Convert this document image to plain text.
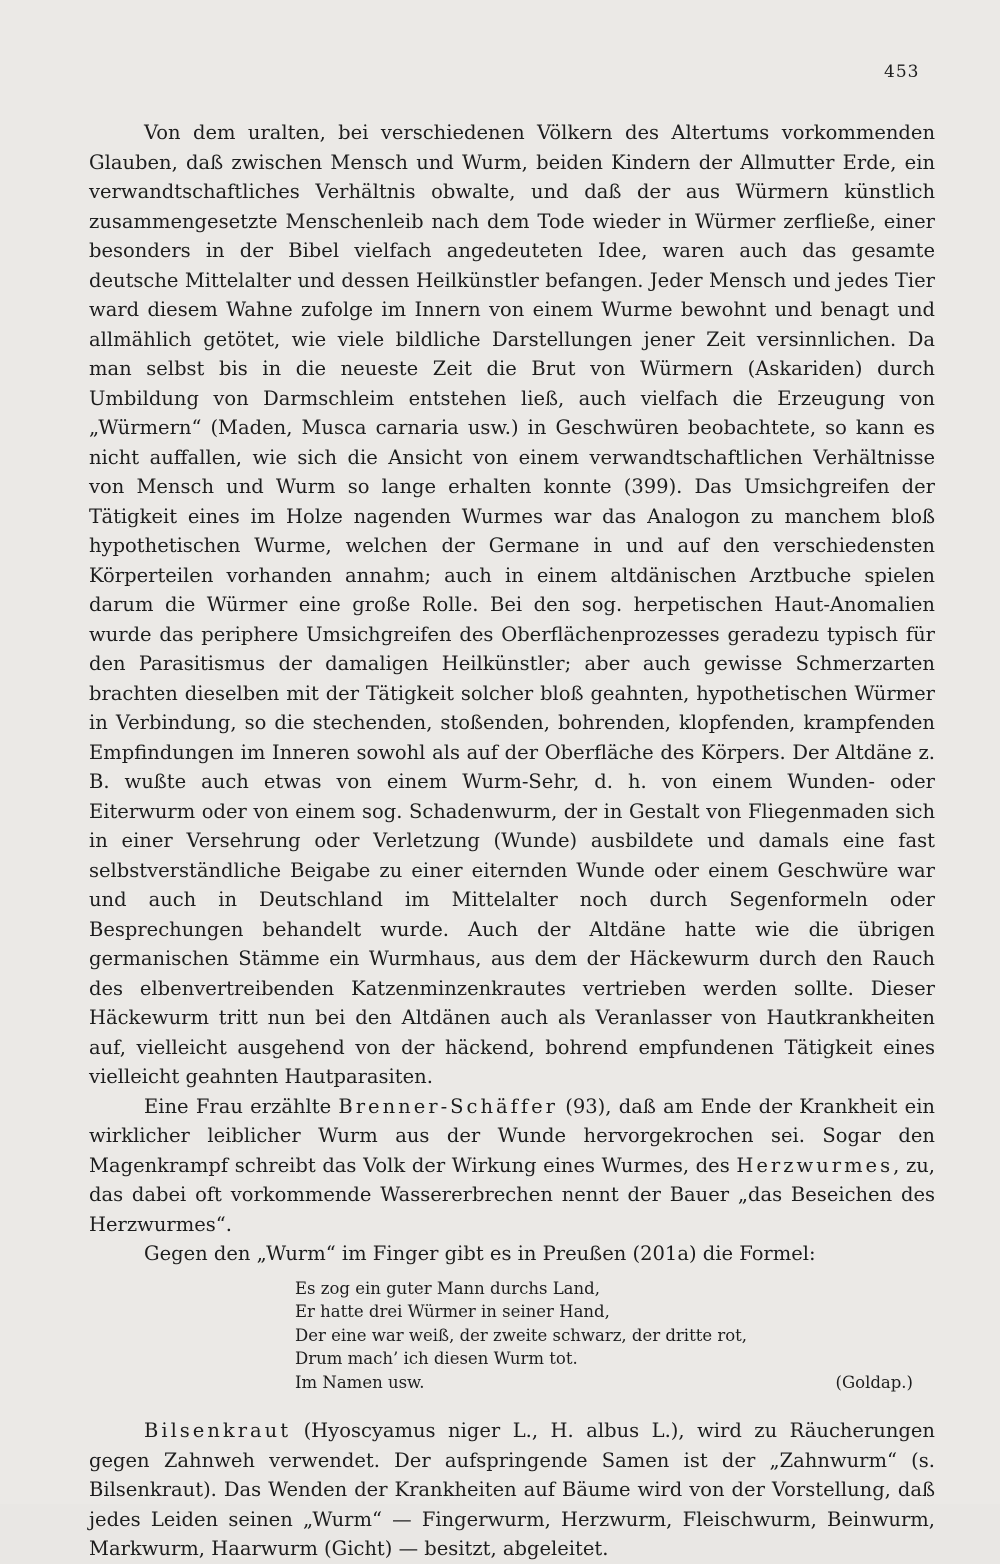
453

Von dem uralten, bei verschiedenen Völkern des Altertums vorkommenden Glauben, daß zwischen Mensch und Wurm, beiden Kindern der Allmutter Erde, ein verwandtschaftliches Verhältnis obwalte, und daß der aus Würmern künstlich zusammengesetzte Menschenleib nach dem Tode wieder in Würmer zerfließe, einer besonders in der Bibel vielfach angedeuteten Idee, waren auch das gesamte deutsche Mittelalter und dessen Heilkünstler befangen. Jeder Mensch und jedes Tier ward diesem Wahne zufolge im Innern von einem Wurme bewohnt und benagt und allmählich getötet, wie viele bildliche Darstellungen jener Zeit versinnlichen. Da man selbst bis in die neueste Zeit die Brut von Würmern (Askariden) durch Umbildung von Darmschleim entstehen ließ, auch vielfach die Erzeugung von „Würmern“ (Maden, Musca carnaria usw.) in Geschwüren beobachtete, so kann es nicht auffallen, wie sich die Ansicht von einem verwandtschaftlichen Verhältnisse von Mensch und Wurm so lange erhalten konnte (399). Das Umsichgreifen der Tätigkeit eines im Holze nagenden Wurmes war das Analogon zu manchem bloß hypothetischen Wurme, welchen der Germane in und auf den verschiedensten Körperteilen vorhanden annahm; auch in einem altdänischen Arztbuche spielen darum die Würmer eine große Rolle. Bei den sog. herpetischen Haut-Anomalien wurde das periphere Umsichgreifen des Oberflächenprozesses geradezu typisch für den Parasitismus der damaligen Heilkünstler; aber auch gewisse Schmerzarten brachten dieselben mit der Tätigkeit solcher bloß geahnten, hypothetischen Würmer in Verbindung, so die stechenden, stoßenden, bohrenden, klopfenden, krampfenden Empfindungen im Inneren sowohl als auf der Oberfläche des Körpers. Der Altdäne z. B. wußte auch etwas von einem Wurm-Sehr, d. h. von einem Wunden- oder Eiterwurm oder von einem sog. Schadenwurm, der in Gestalt von Fliegenmaden sich in einer Versehrung oder Verletzung (Wunde) ausbildete und damals eine fast selbstverständliche Beigabe zu einer eiternden Wunde oder einem Geschwüre war und auch in Deutschland im Mittelalter noch durch Segenformeln oder Besprechungen behandelt wurde. Auch der Altdäne hatte wie die übrigen germanischen Stämme ein Wurmhaus, aus dem der Häckewurm durch den Rauch des elbenvertreibenden Katzenminzenkrautes vertrieben werden sollte. Dieser Häckewurm tritt nun bei den Altdänen auch als Veranlasser von Hautkrankheiten auf, vielleicht ausgehend von der häckend, bohrend empfundenen Tätigkeit eines vielleicht geahnten Hautparasiten.

Eine Frau erzählte Brenner-Schäffer (93), daß am Ende der Krankheit ein wirklicher leiblicher Wurm aus der Wunde hervorgekrochen sei. Sogar den Magenkrampf schreibt das Volk der Wirkung eines Wurmes, des Herzwurmes, zu, das dabei oft vorkommende Wassererbrechen nennt der Bauer „das Beseichen des Herzwurmes“.

Gegen den „Wurm“ im Finger gibt es in Preußen (201a) die Formel:

Es zog ein guter Mann durchs Land,
Er hatte drei Würmer in seiner Hand,
Der eine war weiß, der zweite schwarz, der dritte rot,
Drum mach’ ich diesen Wurm tot.
Im Namen usw.	(Goldap.)

Bilsenkraut (Hyoscyamus niger L., H. albus L.), wird zu Räucherungen gegen Zahnweh verwendet. Der aufspringende Samen ist der „Zahnwurm“ (s. Bilsenkraut). Das Wenden der Krankheiten auf Bäume wird von der Vorstellung, daß jedes Leiden seinen „Wurm“ — Fingerwurm, Herzwurm, Fleischwurm, Beinwurm, Markwurm, Haarwurm (Gicht) — besitzt, abgeleitet.
